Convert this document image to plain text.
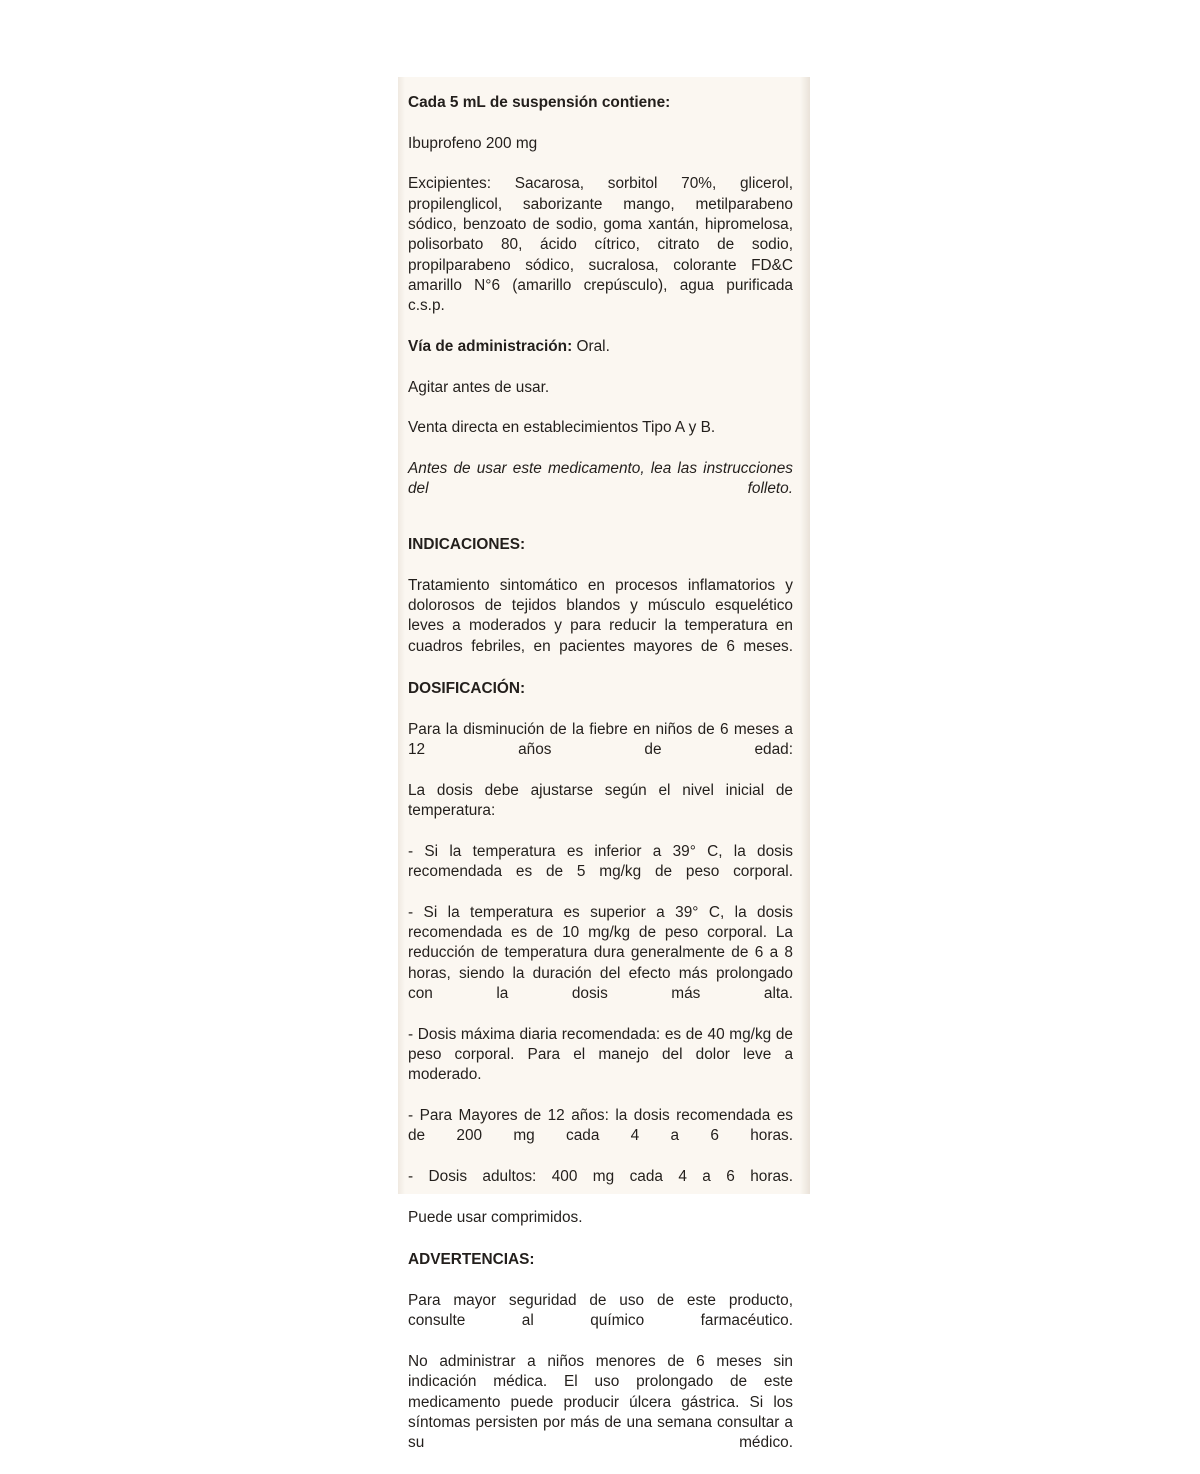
Cada 5 mL de suspensión contiene:

Ibuprofeno 200 mg

Excipientes: Sacarosa, sorbitol 70%, glicerol, propilenglicol, saborizante mango, metilparabeno sódico, benzoato de sodio, goma xantán, hipromelosa, polisorbato 80, ácido cítrico, citrato de sodio, propilparabeno sódico, sucralosa, colorante FD&C amarillo N°6 (amarillo crepúsculo), agua purificada c.s.p.

Vía de administración: Oral.

Agitar antes de usar.

Venta directa en establecimientos Tipo A y B.

Antes de usar este medicamento, lea las instrucciones del folleto.

INDICACIONES:

Tratamiento sintomático en procesos inflamatorios y dolorosos de tejidos blandos y músculo esquelético leves a moderados y para reducir la temperatura en cuadros febriles, en pacientes mayores de 6 meses.

DOSIFICACIÓN:

Para la disminución de la fiebre en niños de 6 meses a 12 años de edad:

La dosis debe ajustarse según el nivel inicial de temperatura:

- Si la temperatura es inferior a 39° C, la dosis recomendada es de 5 mg/kg de peso corporal.

- Si la temperatura es superior a 39° C, la dosis recomendada es de 10 mg/kg de peso corporal. La reducción de temperatura dura generalmente de 6 a 8 horas, siendo la duración del efecto más prolongado con la dosis más alta.

- Dosis máxima diaria recomendada: es de 40 mg/kg de peso corporal. Para el manejo del dolor leve a moderado.

- Para Mayores de 12 años: la dosis recomendada es de 200 mg cada 4 a 6 horas.

- Dosis adultos: 400 mg cada 4 a 6 horas.

Puede usar comprimidos.

ADVERTENCIAS:

Para mayor seguridad de uso de este producto, consulte al químico farmacéutico.

No administrar a niños menores de 6 meses sin indicación médica. El uso prolongado de este medicamento puede producir úlcera gástrica. Si los síntomas persisten por más de una semana consultar a su médico.
